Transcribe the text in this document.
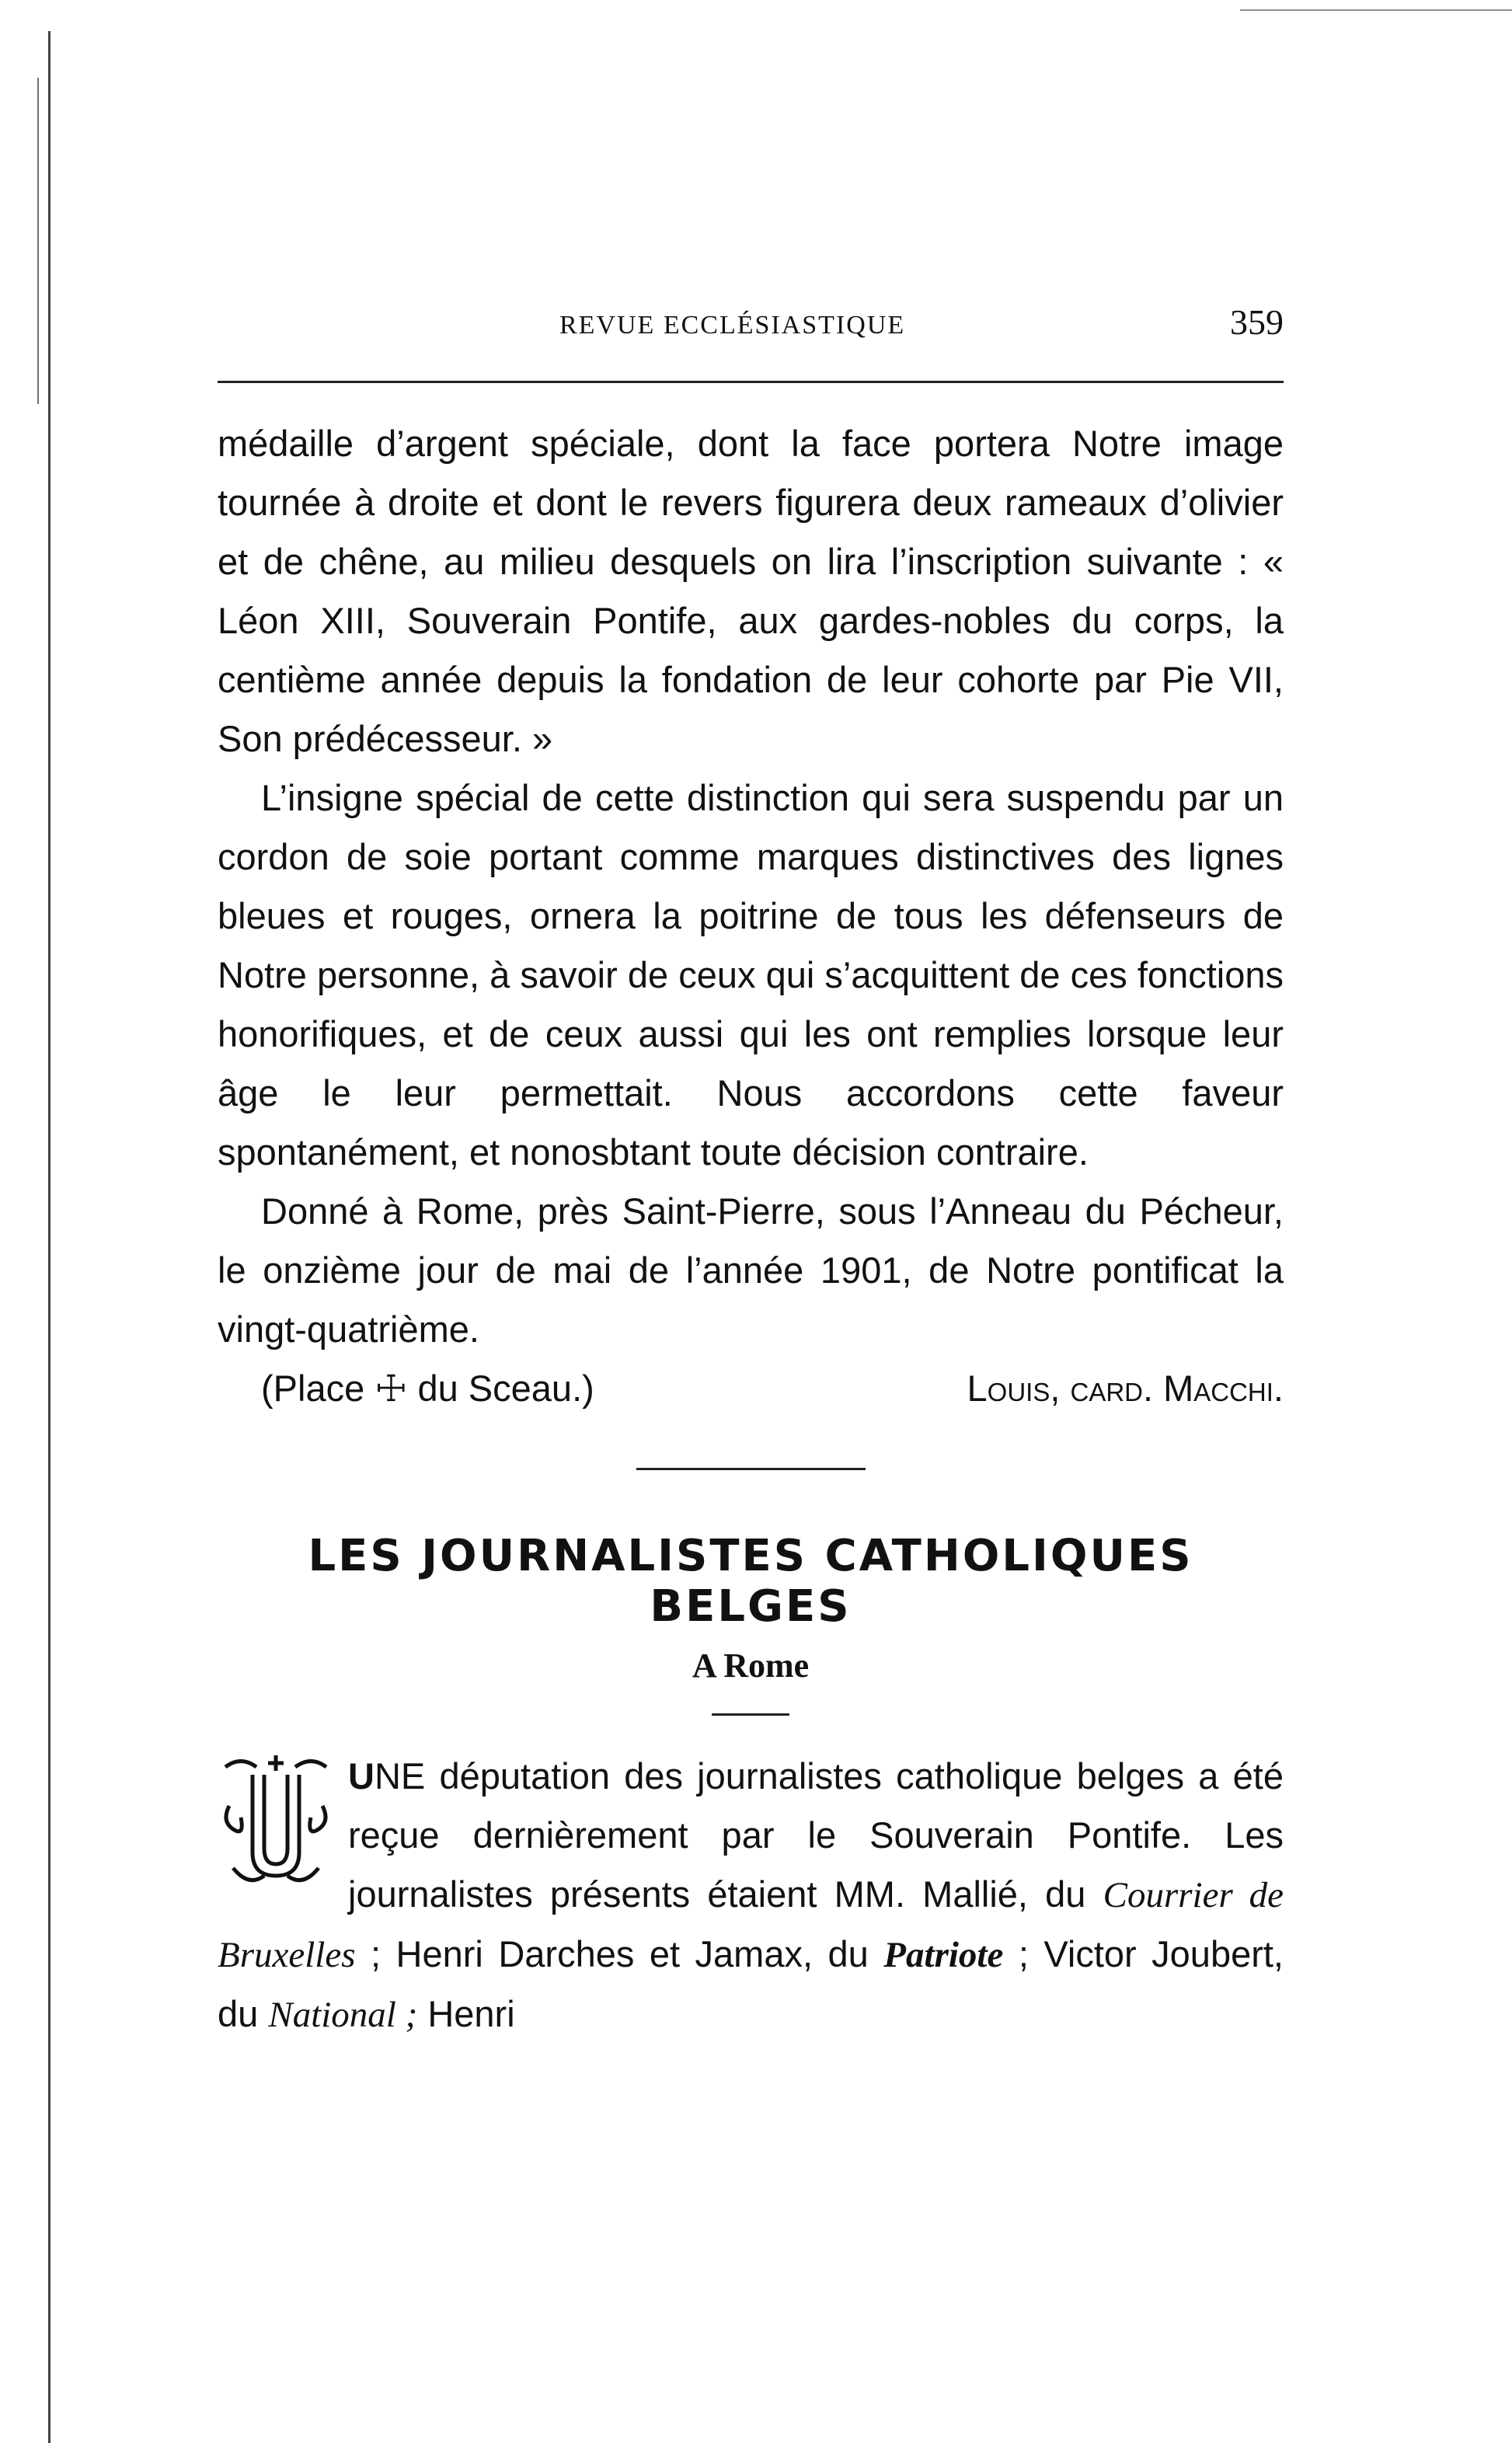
REVUE ECCLÉSIASTIQUE	359

médaille d’argent spéciale, dont la face portera Notre image tournée à droite et dont le revers figurera deux rameaux d’olivier et de chêne, au milieu desquels on lira l’inscription suivante : « Léon XIII, Souverain Pontife, aux gardes-nobles du corps, la centième année depuis la fondation de leur cohorte par Pie VII, Son prédécesseur. »

L’insigne spécial de cette distinction qui sera suspendu par un cordon de soie portant comme marques distinctives des lignes bleues et rouges, ornera la poitrine de tous les défenseurs de Notre personne, à savoir de ceux qui s’acquittent de ces fonctions honorifiques, et de ceux aussi qui les ont remplies lorsque leur âge le leur permettait. Nous accordons cette faveur spontanément, et nonosbtant toute décision contraire.

Donné à Rome, près Saint-Pierre, sous l’Anneau du Pécheur, le onzième jour de mai de l’année 1901, de Notre pontificat la vingt-quatrième.

(Place ☩ du Sceau.)	Louis, card. Macchi.
LES JOURNALISTES CATHOLIQUES BELGES
A Rome

UNE députation des journalistes catholique belges a été reçue dernièrement par le Souverain Pontife. Les journalistes présents étaient MM. Mallié, du Courrier de Bruxelles ; Henri Darches et Jamax, du Patriote ; Victor Joubert, du National ; Henri
